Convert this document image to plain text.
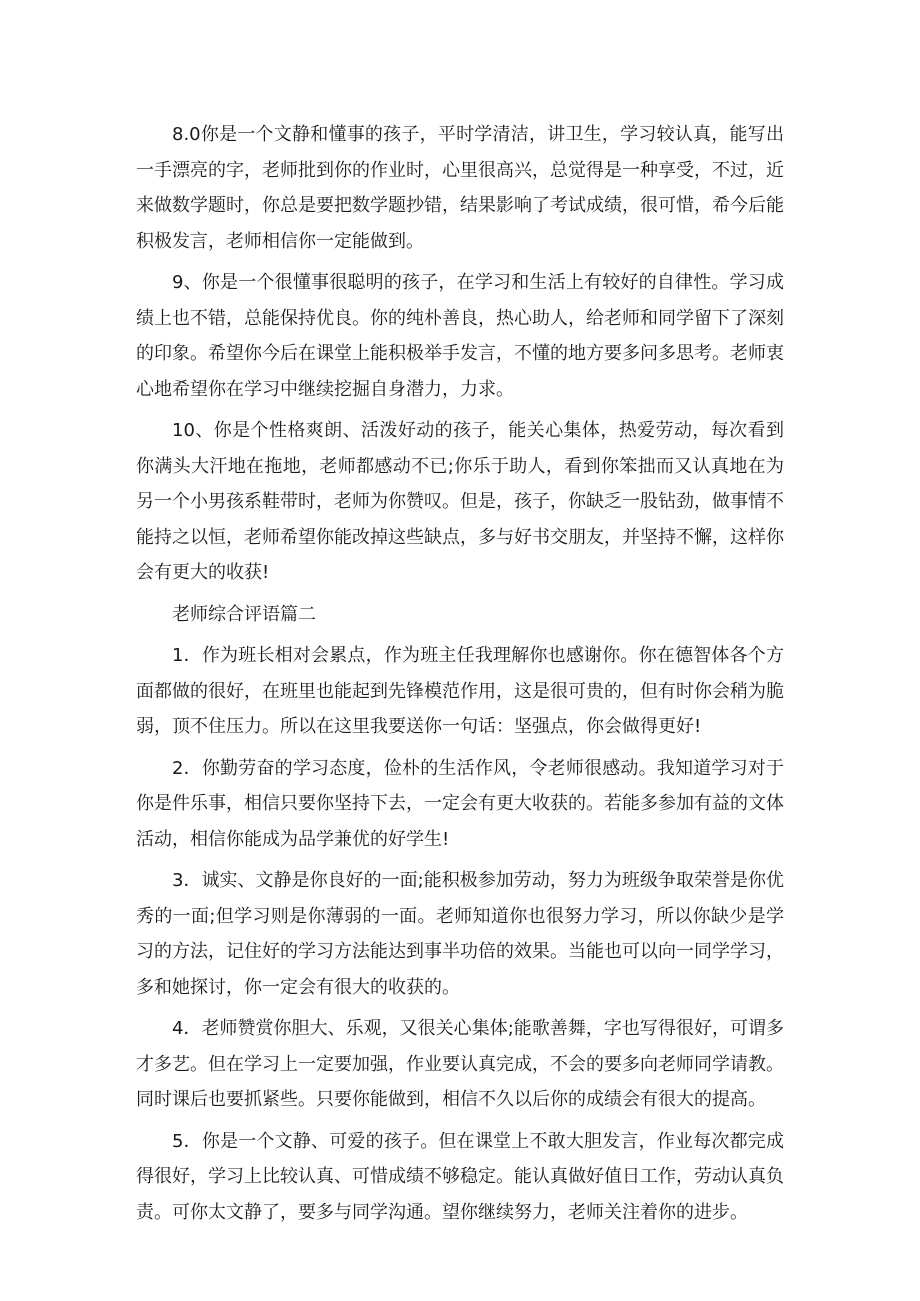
8.0你是一个文静和懂事的孩子，平时学清洁，讲卫生，学习较认真，能写出一手漂亮的字，老师批到你的作业时，心里很高兴，总觉得是一种享受，不过，近来做数学题时，你总是要把数学题抄错，结果影响了考试成绩，很可惜，希今后能积极发言，老师相信你一定能做到。

9、你是一个很懂事很聪明的孩子，在学习和生活上有较好的自律性。学习成绩上也不错，总能保持优良。你的纯朴善良，热心助人，给老师和同学留下了深刻的印象。希望你今后在课堂上能积极举手发言，不懂的地方要多问多思考。老师衷心地希望你在学习中继续挖掘自身潜力，力求。

10、你是个性格爽朗、活泼好动的孩子，能关心集体，热爱劳动，每次看到你满头大汗地在拖地，老师都感动不已;你乐于助人，看到你笨拙而又认真地在为另一个小男孩系鞋带时，老师为你赞叹。但是，孩子，你缺乏一股钻劲，做事情不能持之以恒，老师希望你能改掉这些缺点，多与好书交朋友，并坚持不懈，这样你会有更大的收获!

老师综合评语篇二

1．作为班长相对会累点，作为班主任我理解你也感谢你。你在德智体各个方面都做的很好，在班里也能起到先锋模范作用，这是很可贵的，但有时你会稍为脆弱，顶不住压力。所以在这里我要送你一句话：坚强点，你会做得更好!

2．你勤劳奋的学习态度，俭朴的生活作风，令老师很感动。我知道学习对于你是件乐事，相信只要你坚持下去，一定会有更大收获的。若能多参加有益的文体活动，相信你能成为品学兼优的好学生!

3．诚实、文静是你良好的一面;能积极参加劳动，努力为班级争取荣誉是你优秀的一面;但学习则是你薄弱的一面。老师知道你也很努力学习，所以你缺少是学习的方法，记住好的学习方法能达到事半功倍的效果。当能也可以向一同学学习，多和她探讨，你一定会有很大的收获的。

4．老师赞赏你胆大、乐观，又很关心集体;能歌善舞，字也写得很好，可谓多才多艺。但在学习上一定要加强，作业要认真完成，不会的要多向老师同学请教。同时课后也要抓紧些。只要你能做到，相信不久以后你的成绩会有很大的提高。

5．你是一个文静、可爱的孩子。但在课堂上不敢大胆发言，作业每次都完成得很好，学习上比较认真、可惜成绩不够稳定。能认真做好值日工作，劳动认真负责。可你太文静了，要多与同学沟通。望你继续努力，老师关注着你的进步。
